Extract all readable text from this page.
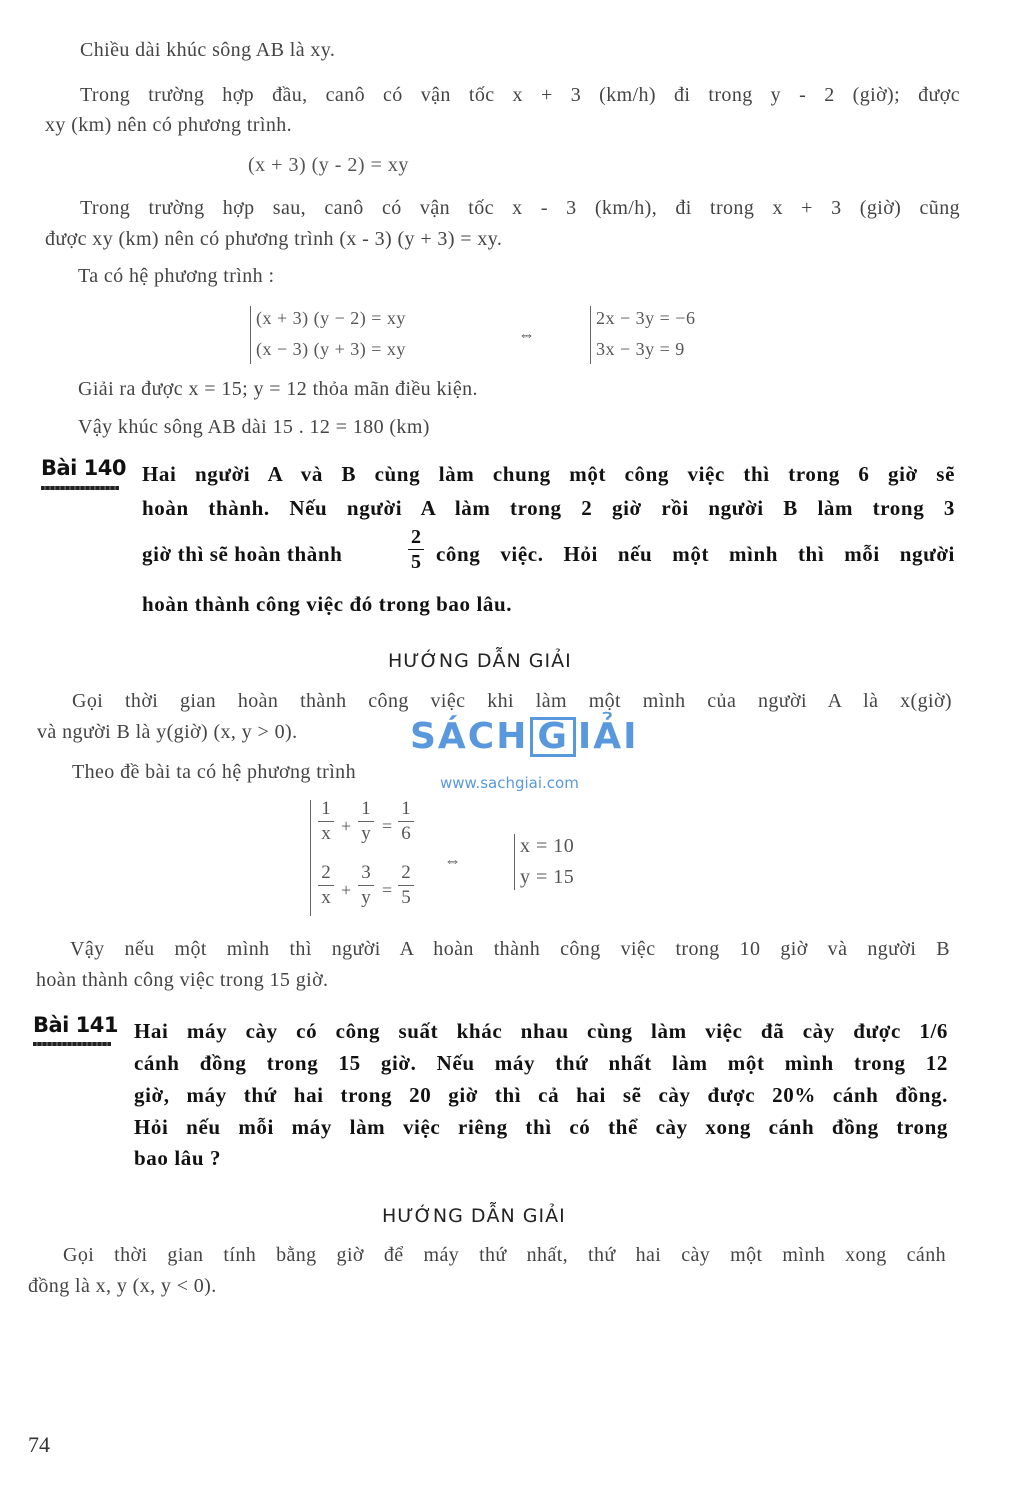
Chiều dài khúc sông AB là xy.
Trong trường hợp đầu, canô có vận tốc x + 3 (km/h) đi trong y - 2 (giờ); được
xy (km) nên có phương trình.
(x + 3) (y - 2) = xy
Trong trường hợp sau, canô có vận tốc x - 3 (km/h), đi trong x + 3 (giờ) cũng
được xy (km) nên có phương trình (x - 3) (y + 3) = xy.
Ta có hệ phương trình :
(x + 3) (y − 2) = xy
(x − 3) (y + 3) = xy
⇔
2x − 3y = −6
3x − 3y = 9
Giải ra được x = 15; y = 12 thỏa mãn điều kiện.
Vậy khúc sông AB dài 15 . 12 = 180 (km)
Bài 140 Hai người A và B cùng làm chung một công việc thì trong 6 giờ sẽ
hoàn thành. Nếu người A làm trong 2 giờ rồi người B làm trong 3
giờ thì sẽ hoàn thành
2
5 công việc. Hỏi nếu một mình thì mỗi người
hoàn thành công việc đó trong bao lâu.
HƯỚNG DẪN GIẢI
Gọi thời gian hoàn thành công việc khi làm một mình của người A là x(giờ)
và người B là y(giờ) (x, y > 0).
Theo đề bài ta có hệ phương trình
SÁCH G IẢI
www.sachgiai.com
1
x +
1
y =
1
6
2
x +
3
y =
2
5
⇔
x = 10
y = 15
Vậy nếu một mình thì người A hoàn thành công việc trong 10 giờ và người B
hoàn thành công việc trong 15 giờ.
Bài 141 Hai máy cày có công suất khác nhau cùng làm việc đã cày được 1/6
cánh đồng trong 15 giờ. Nếu máy thứ nhất làm một mình trong 12
giờ, máy thứ hai trong 20 giờ thì cả hai sẽ cày được 20% cánh đồng.
Hỏi nếu mỗi máy làm việc riêng thì có thể cày xong cánh đồng trong
bao lâu ?
HƯỚNG DẪN GIẢI
Gọi thời gian tính bằng giờ để máy thứ nhất, thứ hai cày một mình xong cánh
đồng là x, y (x, y < 0).
74
